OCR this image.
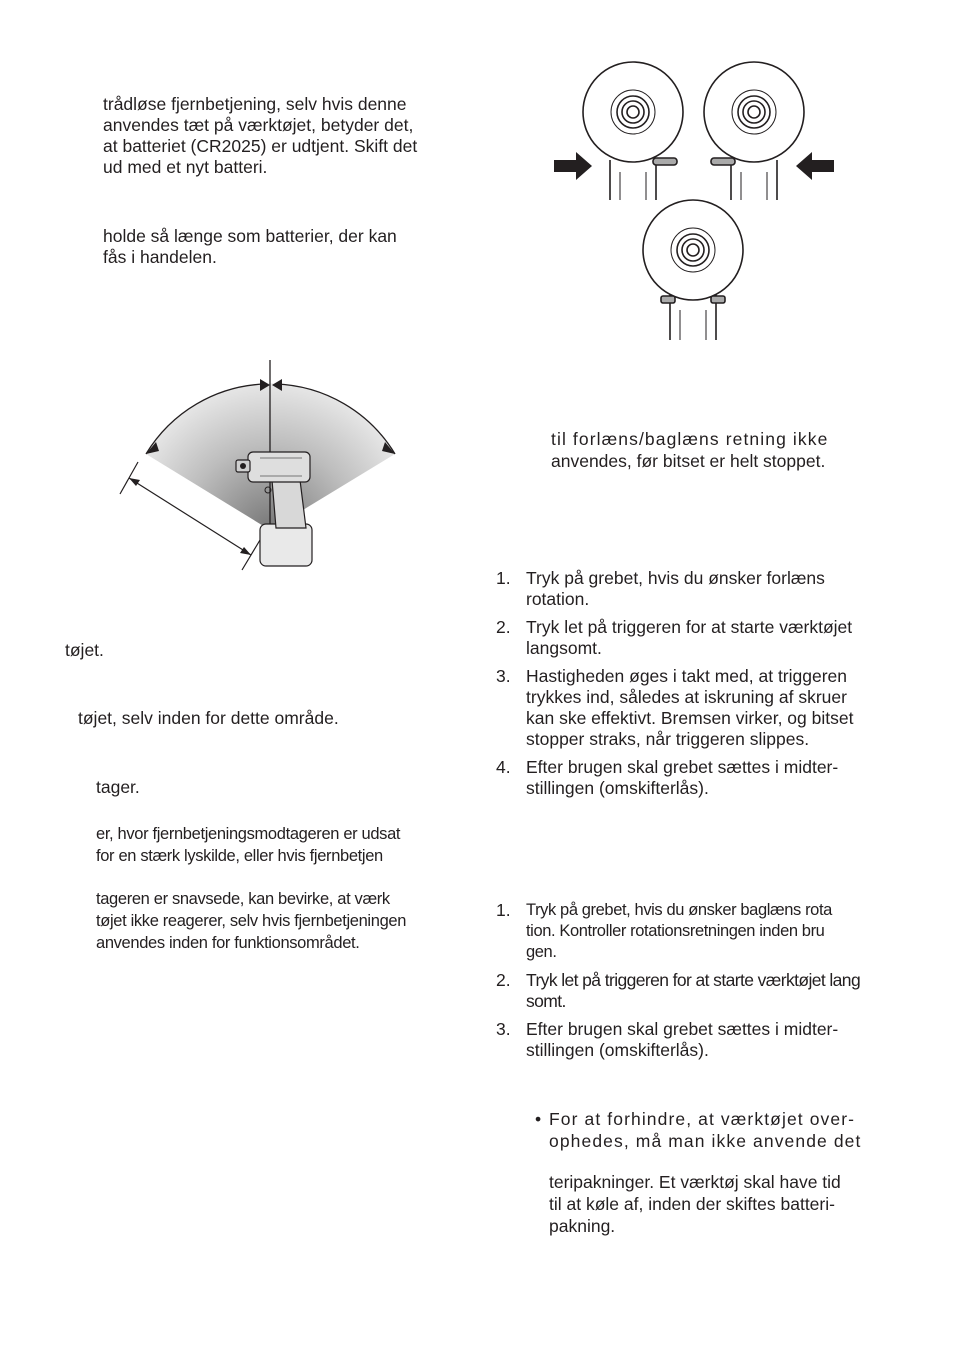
trådløse fjernbetjening, selv hvis denne
anvendes tæt på værktøjet, betyder det,
at batteriet (CR2025) er udtjent. Skift det
ud med et nyt batteri.
holde så længe som batterier, der kan
fås i handelen.
tøjet.
tøjet, selv inden for dette område.
tager.
er, hvor fjernbetjeningsmodtageren er udsat
for en stærk lyskilde, eller hvis fjernbetjen
tageren er snavsede, kan bevirke, at værk
tøjet ikke reagerer, selv hvis fjernbetjeningen
anvendes inden for funktionsområdet.
til forlæns/baglæns retning ikke
anvendes, før bitset er helt stoppet.
1. Tryk på grebet, hvis du ønsker forlæns
rotation.
2. Tryk let på triggeren for at starte værktøjet
langsomt.
3. Hastigheden øges i takt med, at triggeren
trykkes ind, således at iskruning af skruer
kan ske effektivt. Bremsen virker, og bitset
stopper straks, når triggeren slippes.
4. Efter brugen skal grebet sættes i midter-
stillingen (omskifterlås).
1. Tryk på grebet, hvis du ønsker baglæns rota
tion. Kontroller rotationsretningen inden bru
gen.
2. Tryk let på triggeren for at starte værktøjet lang
somt.
3. Efter brugen skal grebet sættes i midter-
stillingen (omskifterlås).
• For at forhindre, at værktøjet over-
ophedes, må man ikke anvende det
teripakninger. Et værktøj skal have tid
til at køle af, inden der skiftes batteri-
pakning.
